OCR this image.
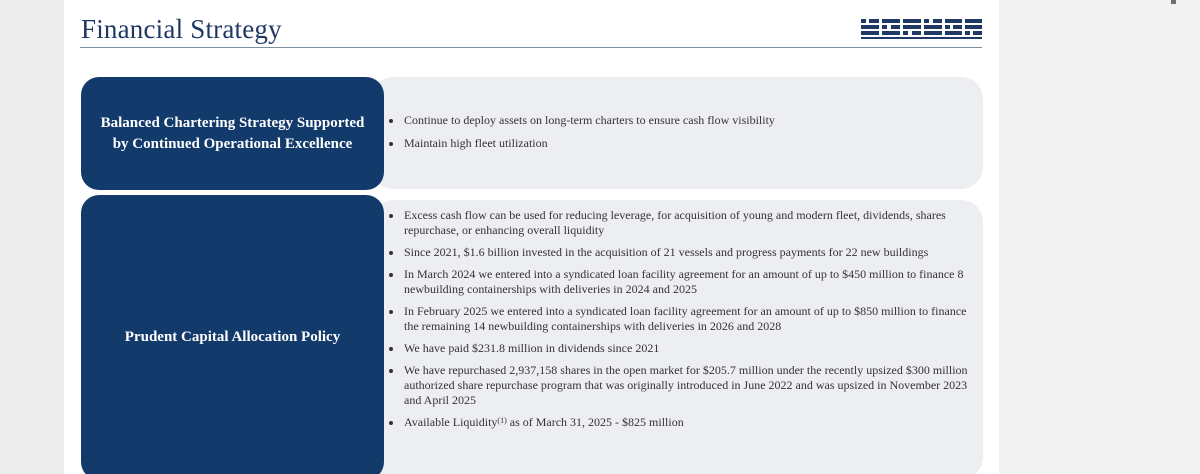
Financial Strategy
Balanced Chartering Strategy Supported by Continued Operational Excellence
Continue to deploy assets on long-term charters to ensure cash flow visibility
Maintain high fleet utilization
Prudent Capital Allocation Policy
Excess cash flow can be used for reducing leverage, for acquisition of young and modern fleet, dividends, shares repurchase, or enhancing overall liquidity
Since 2021, $1.6 billion invested in the acquisition of 21 vessels and progress payments for 22 new buildings
In March 2024 we entered into a syndicated loan facility agreement for an amount of up to $450 million to finance 8 newbuilding containerships with deliveries in 2024 and 2025
In February 2025 we entered into a syndicated loan facility agreement for an amount of up to $850 million to finance the remaining 14 newbuilding containerships with deliveries in 2026 and 2028
We have paid $231.8 million in dividends since 2021
We have repurchased 2,937,158 shares in the open market for $205.7 million under the recently upsized $300 million authorized share repurchase program that was originally introduced in June 2022 and was upsized in November 2023 and April 2025
Available Liquidity$^{(1)}$ as of March 31, 2025 - $825 million
